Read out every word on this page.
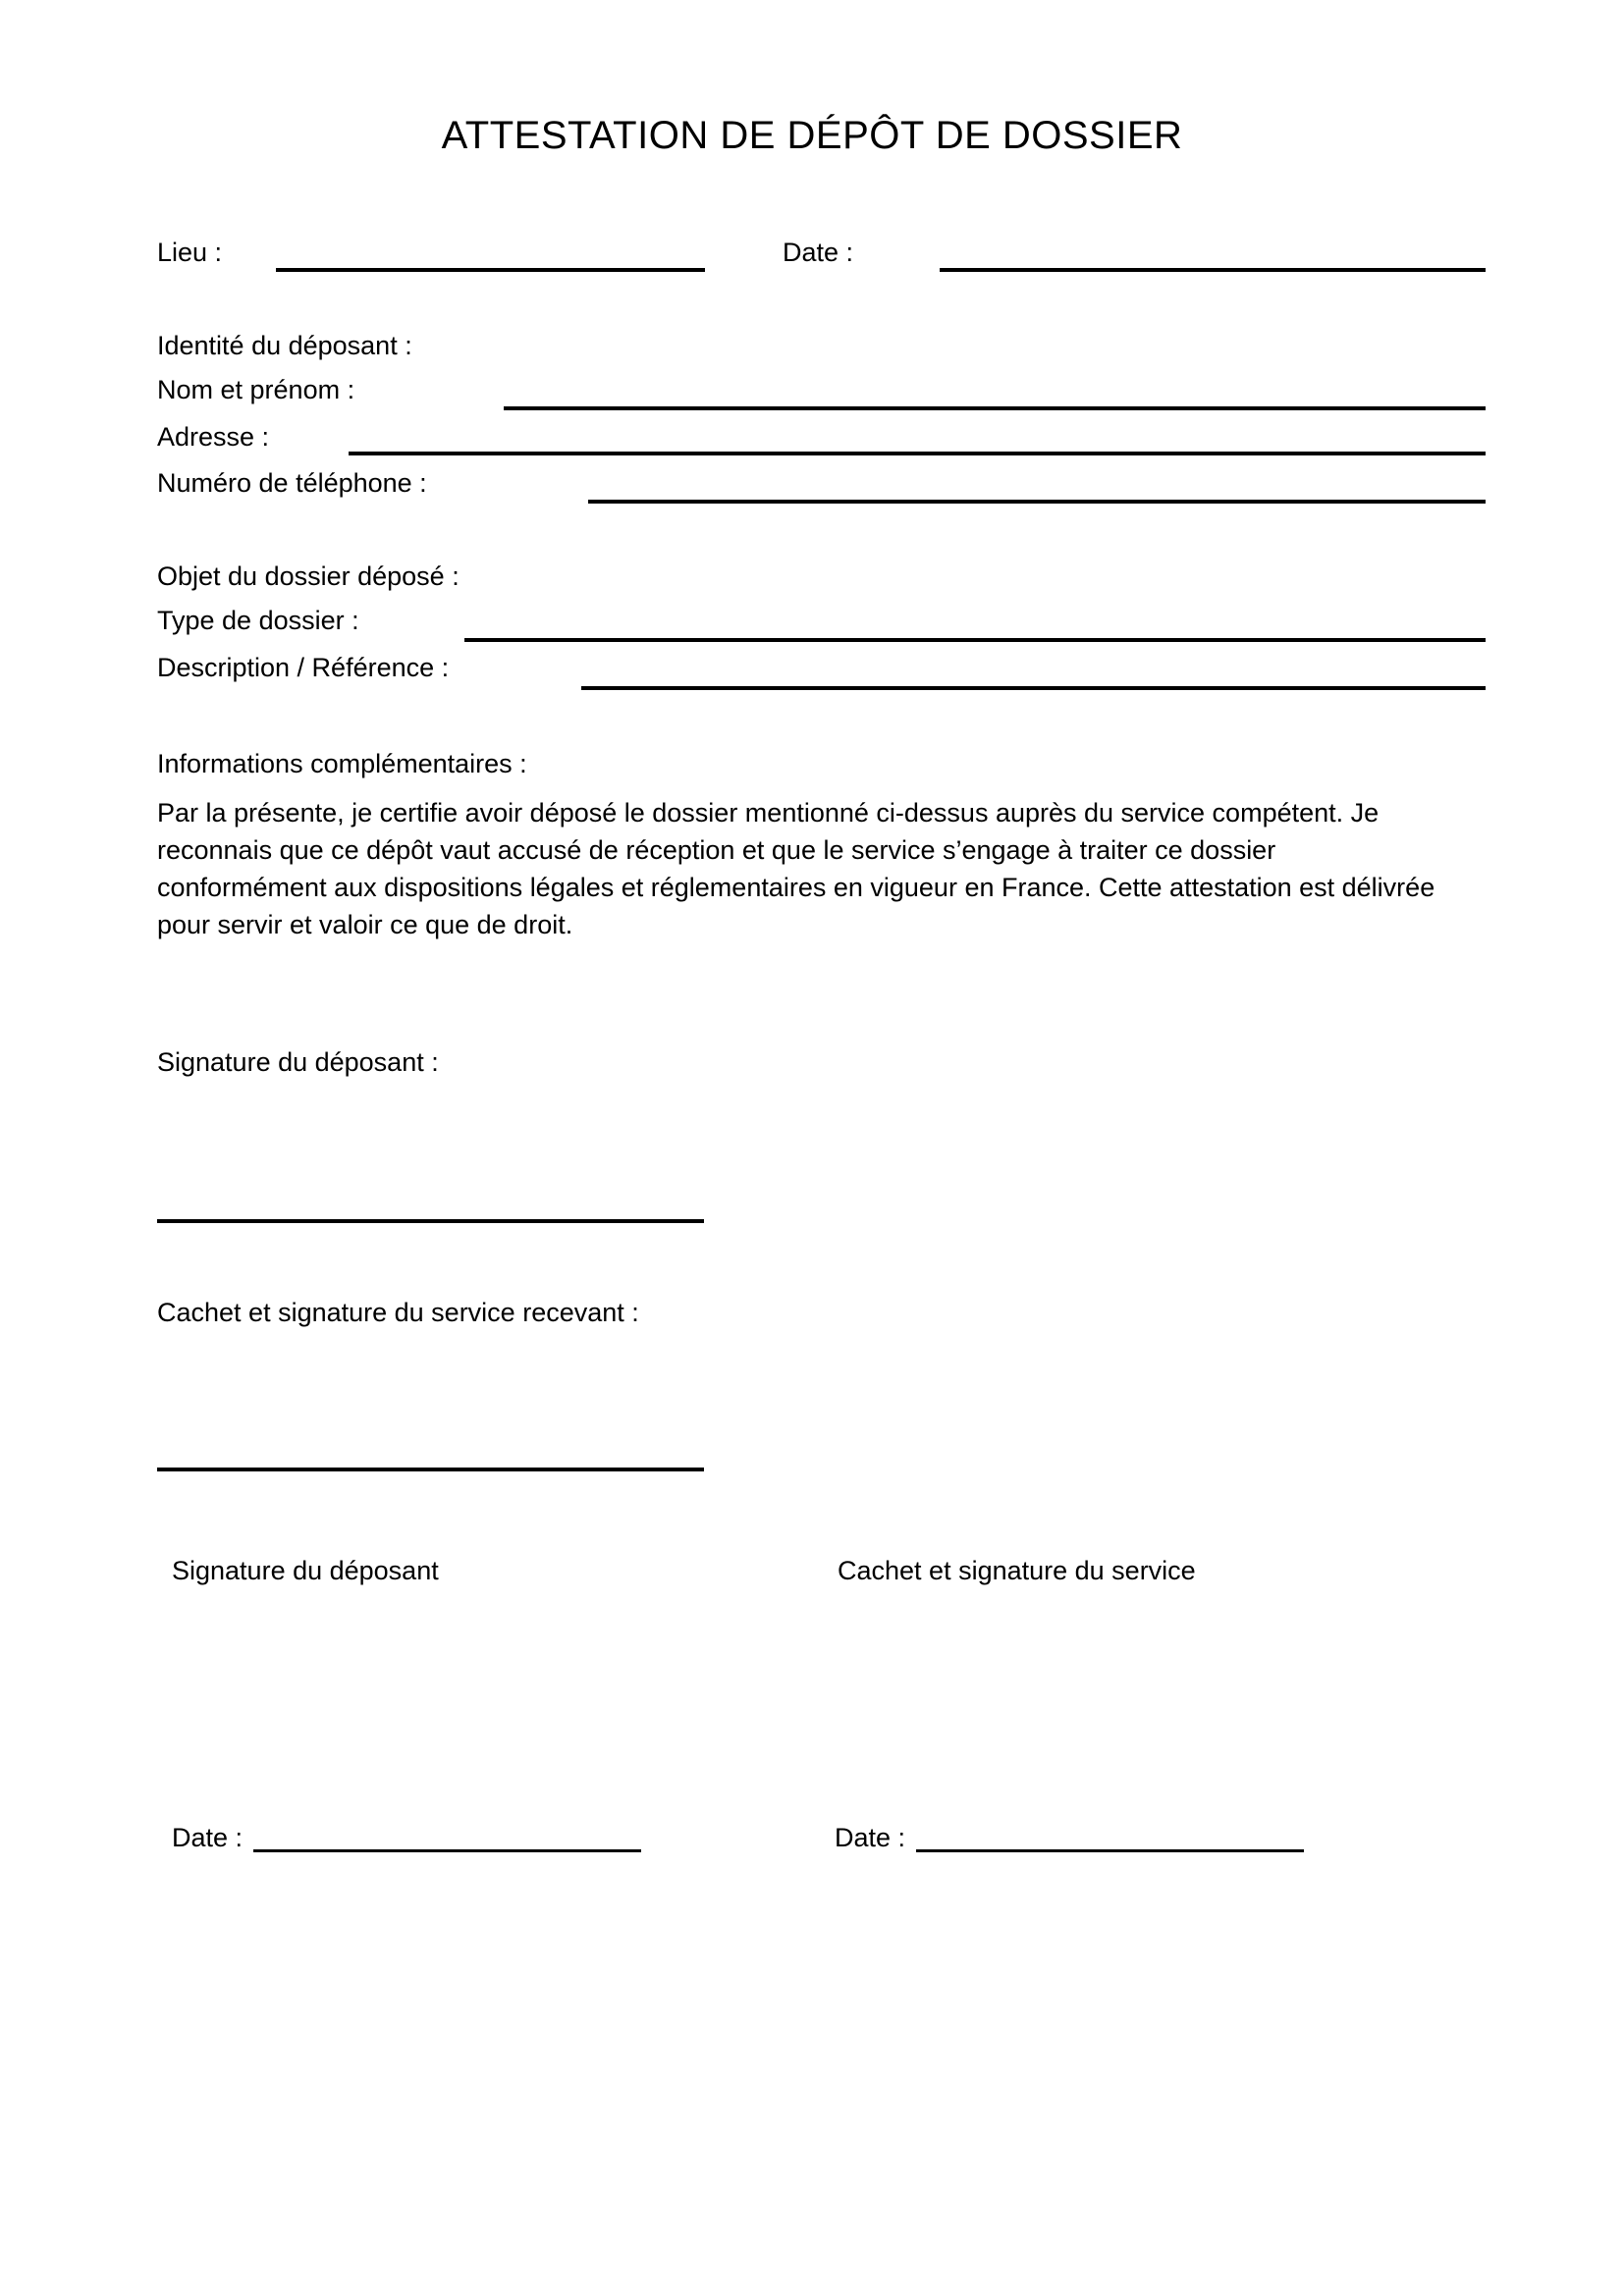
ATTESTATION DE DÉPÔT DE DOSSIER
Lieu :	Date :
Identité du déposant :
Nom et prénom :
Adresse :
Numéro de téléphone :
Objet du dossier déposé :
Type de dossier :
Description / Référence :
Informations complémentaires :
Par la présente, je certifie avoir déposé le dossier mentionné ci-dessus auprès du service compétent. Je
reconnais que ce dépôt vaut accusé de réception et que le service s’engage à traiter ce dossier
conformément aux dispositions légales et réglementaires en vigueur en France. Cette attestation est délivrée
pour servir et valoir ce que de droit.
Signature du déposant :
Cachet et signature du service recevant :
Signature du déposant	Cachet et signature du service
Date :	Date :
